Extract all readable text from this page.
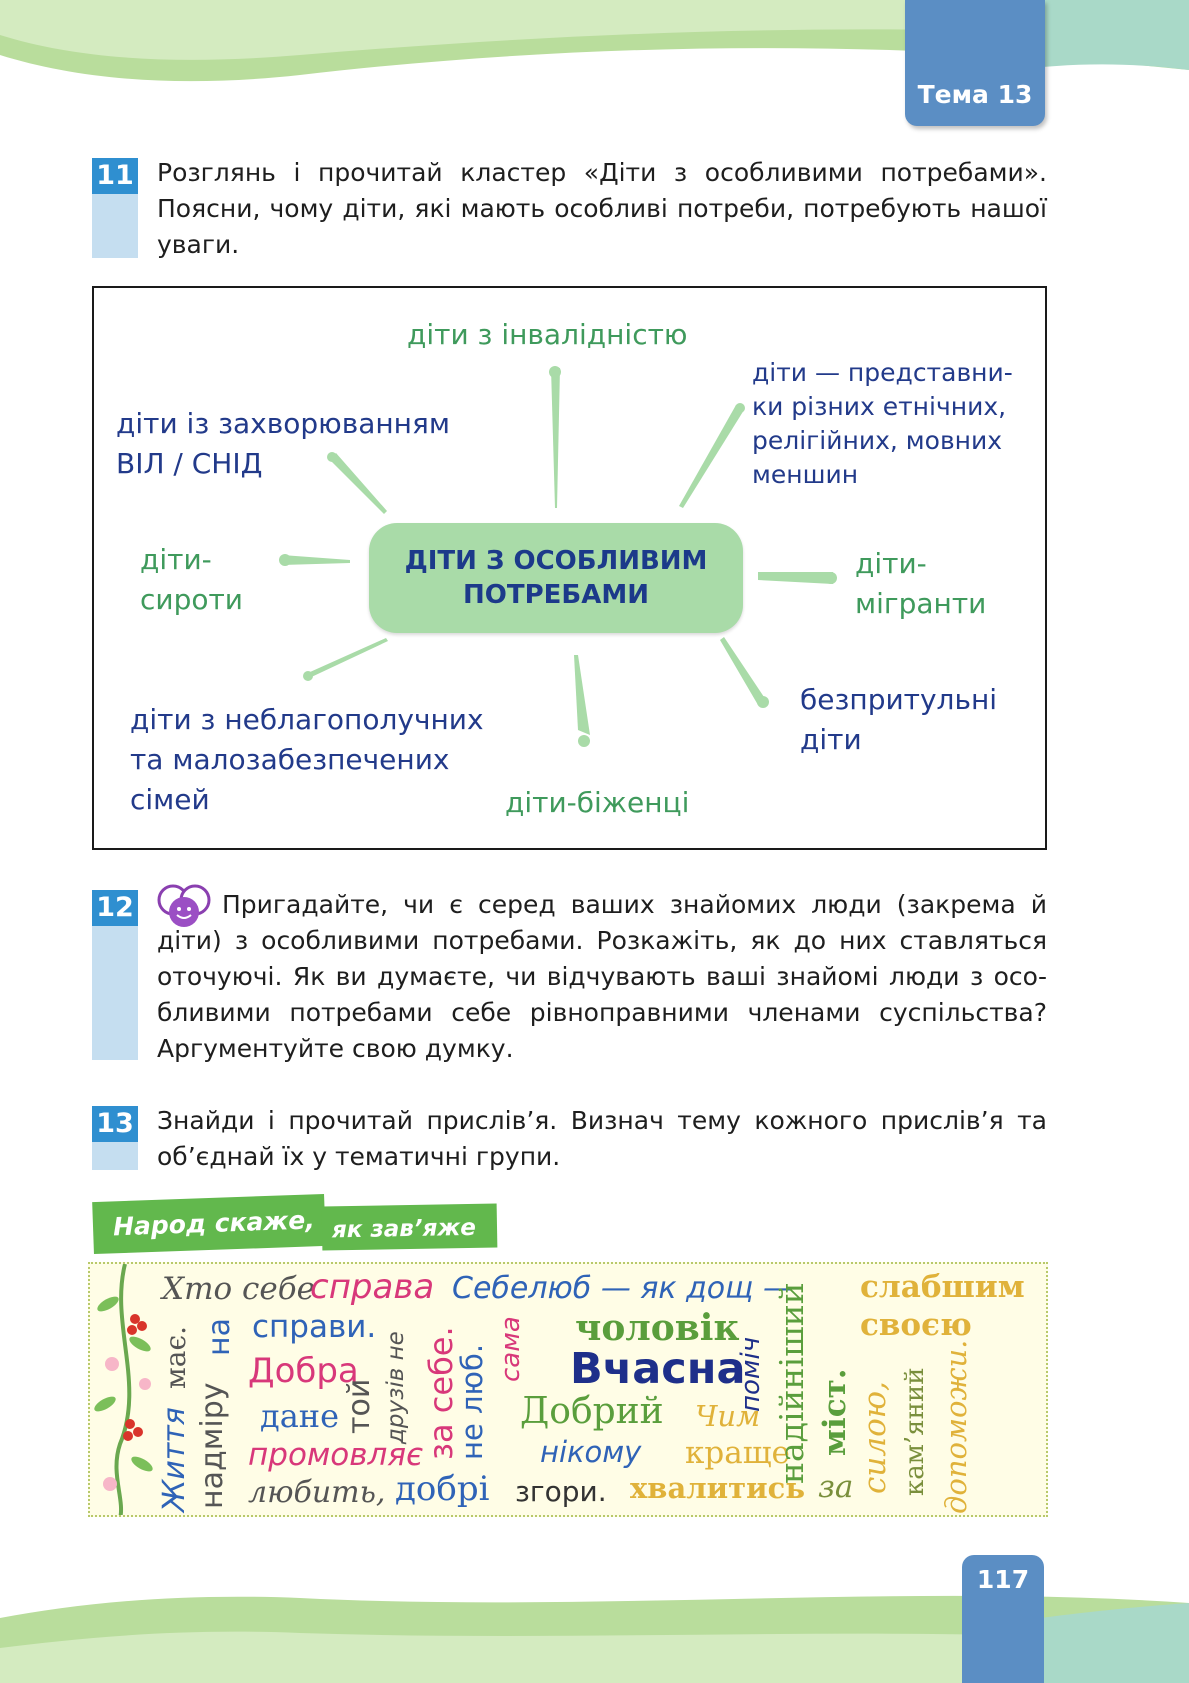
Тема 13
11 Розглянь і прочитай кластер «Діти з особливими потребами». Поясни, чому діти, які мають особливі потреби, потребують нашої уваги.
ДІТИ З ОСОБЛИВИМ ПОТРЕБАМИ
діти з інвалідністю
діти — представни-
ки різних етнічних,
релігійних, мовних
меншин
діти із захворюванням
ВІЛ / СНІД
діти-
сироти
діти-
мігранти
діти з неблагополучних
та малозабезпечених
сімей	діти-біженці
безпритульні
діти
12	Пригадайте, чи є серед ваших знайомих люди (закрема й діти) з особливими потребами. Розкажіть, як до них ставляться оточуючі. Як ви думаєте, чи відчувають ваші знайомі люди з особливими потребами себе рівноправними членами суспільства? Аргументуйте свою думку.
13 Знайди і прочитай прислів’я. Визнач тему кожного прислів’я та об’єднай їх у тематичні групи.
Народ скаже, як зав’яже
Хто себе
справа Себелюб — як дощ — слабшим
справи.	чоловік	своєю
Добра	Вчасна
дане	Добрий Чим
промовляє	нікому краще
любить, добрі згори. хвалитись
Життя
має.
надміру
на
той друзів не за себе.
не люб. сама	поміч надійніший міст.
за силою, кам’яний допоможи.
117
